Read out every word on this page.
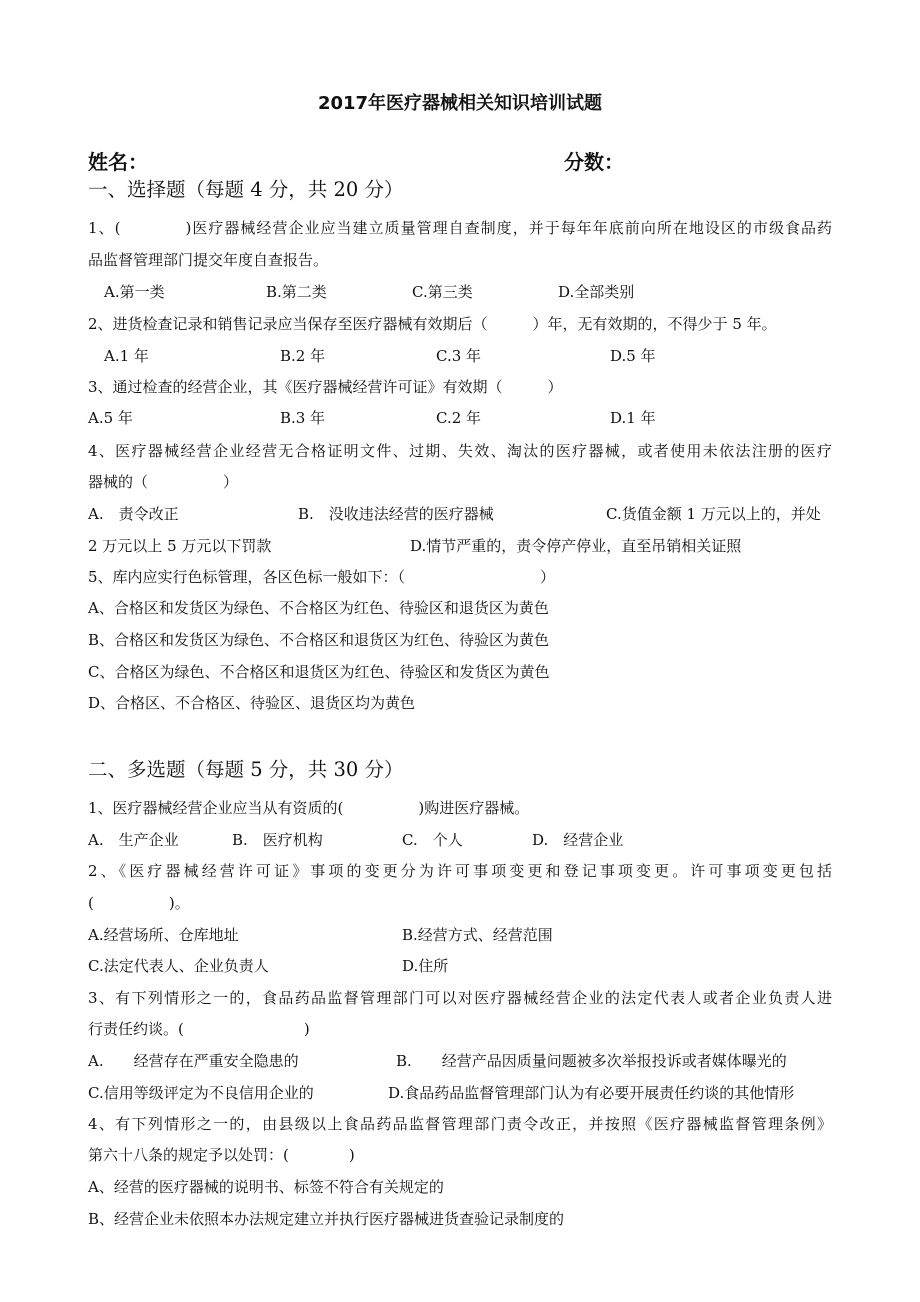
2017年医疗器械相关知识培训试题
姓名：	分数：
一、选择题（每题 4 分，共 20 分）
1、(　　　　)医疗器械经营企业应当建立质量管理自查制度，并于每年年底前向所在地设区的市级食品药
品监督管理部门提交年度自查报告。
A.第一类	B.第二类	C.第三类	D.全部类别
2、进货检查记录和销售记录应当保存至医疗器械有效期后（　　　）年，无有效期的，不得少于 5 年。
A.1 年	B.2 年	C.3 年	D.5 年
3、通过检查的经营企业，其《医疗器械经营许可证》有效期（　　　）
A.5 年	B.3 年	C.2 年	D.1 年
4、医疗器械经营企业经营无合格证明文件、过期、失效、淘汰的医疗器械，或者使用未依法注册的医疗
器械的（　　　　　）
A.　责令改正	B.　没收违法经营的医疗器械	C.货值金额 1 万元以上的，并处
2 万元以上 5 万元以下罚款	D.情节严重的，责令停产停业，直至吊销相关证照
5、库内应实行色标管理，各区色标一般如下：（　　　　　　　　　）
A、合格区和发货区为绿色、不合格区为红色、待验区和退货区为黄色
B、合格区和发货区为绿色、不合格区和退货区为红色、待验区为黄色
C、合格区为绿色、不合格区和退货区为红色、待验区和发货区为黄色
D、合格区、不合格区、待验区、退货区均为黄色
二、多选题（每题 5 分，共 30 分）
1、医疗器械经营企业应当从有资质的(　　　　　)购进医疗器械。
A.　生产企业	B.　医疗机构	C.　个人	D.　经营企业
2、《医疗器械经营许可证》事项的变更分为许可事项变更和登记事项变更。许可事项变更包括
(　　　　　)。
A.经营场所、仓库地址	B.经营方式、经营范围
C.法定代表人、企业负责人	D.住所
3、有下列情形之一的，食品药品监督管理部门可以对医疗器械经营企业的法定代表人或者企业负责人进
行责任约谈。(　　　　　　　　)
A.　　经营存在严重安全隐患的	B.　　经营产品因质量问题被多次举报投诉或者媒体曝光的
C.信用等级评定为不良信用企业的	D.食品药品监督管理部门认为有必要开展责任约谈的其他情形
4、有下列情形之一的，由县级以上食品药品监督管理部门责令改正，并按照《医疗器械监督管理条例》
第六十八条的规定予以处罚：(　　　　)
A、经营的医疗器械的说明书、标签不符合有关规定的
B、经营企业未依照本办法规定建立并执行医疗器械进货查验记录制度的
